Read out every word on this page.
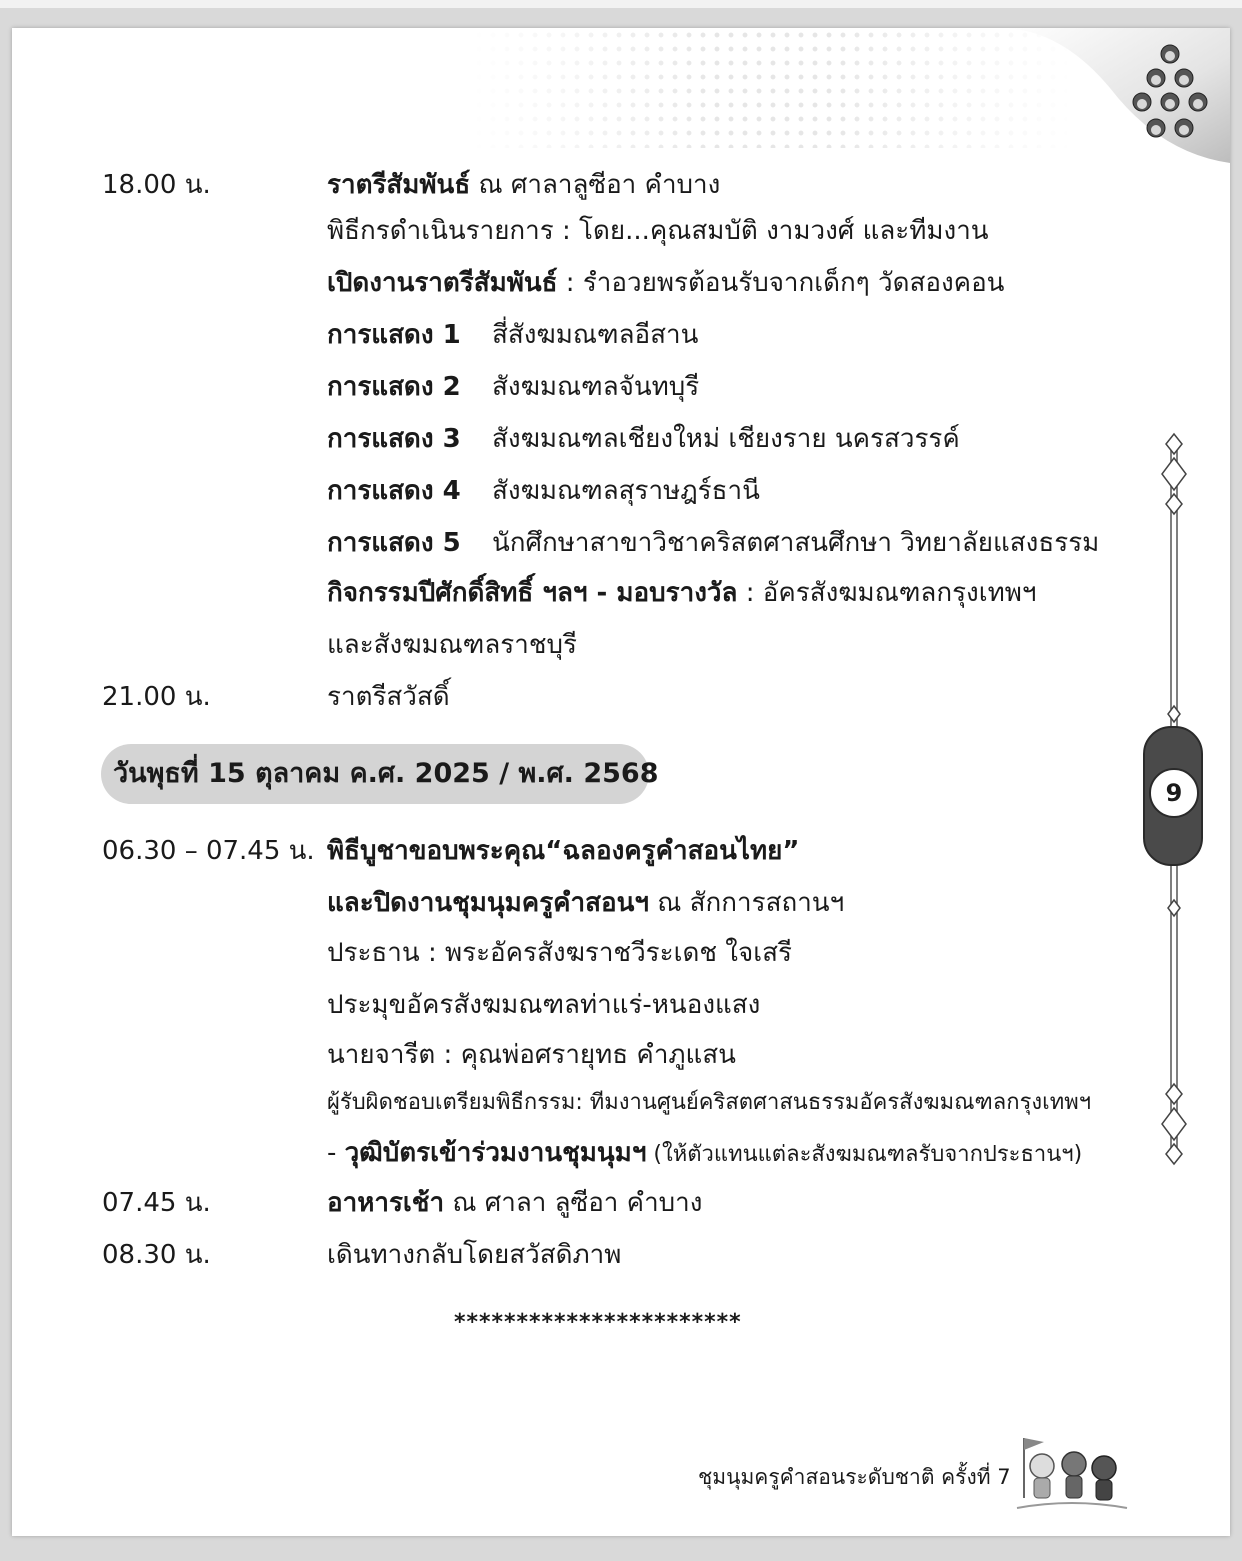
18.00 น.	ราตรีสัมพันธ์ ณ ศาลาลูซีอา คำบาง
พิธีกรดำเนินรายการ : โดย...คุณสมบัติ งามวงศ์ และทีมงาน
เปิดงานราตรีสัมพันธ์ : รำอวยพรต้อนรับจากเด็กๆ วัดสองคอน
การแสดง 1 สี่สังฆมณฑลอีสาน
การแสดง 2 สังฆมณฑลจันทบุรี
การแสดง 3 สังฆมณฑลเชียงใหม่ เชียงราย นครสวรรค์
การแสดง 4 สังฆมณฑลสุราษฎร์ธานี
การแสดง 5 นักศึกษาสาขาวิชาคริสตศาสนศึกษา วิทยาลัยแสงธรรม
กิจกรรมปีศักดิ์สิทธิ์ ฯลฯ - มอบรางวัล : อัครสังฆมณฑลกรุงเทพฯ
และสังฆมณฑลราชบุรี
21.00 น.	ราตรีสวัสดิ์
วันพุธที่ 15 ตุลาคม ค.ศ. 2025 / พ.ศ. 2568
06.30 – 07.45 น. พิธีบูชาขอบพระคุณ“ฉลองครูคำสอนไทย”
และปิดงานชุมนุมครูคำสอนฯ ณ สักการสถานฯ
ประธาน : พระอัครสังฆราชวีระเดช ใจเสรี
ประมุขอัครสังฆมณฑลท่าแร่-หนองแสง
นายจารีต : คุณพ่อศรายุทธ คำภูแสน
ผู้รับผิดชอบเตรียมพิธีกรรม: ทีมงานศูนย์คริสตศาสนธรรมอัครสังฆมณฑลกรุงเทพฯ
- วุฒิบัตรเข้าร่วมงานชุมนุมฯ (ให้ตัวแทนแต่ละสังฆมณฑลรับจากประธานฯ)
07.45 น.	อาหารเช้า ณ ศาลา ลูซีอา คำบาง
08.30 น.	เดินทางกลับโดยสวัสดิภาพ
***********************
9
ชุมนุมครูคำสอนระดับชาติ ครั้งที่ 7
